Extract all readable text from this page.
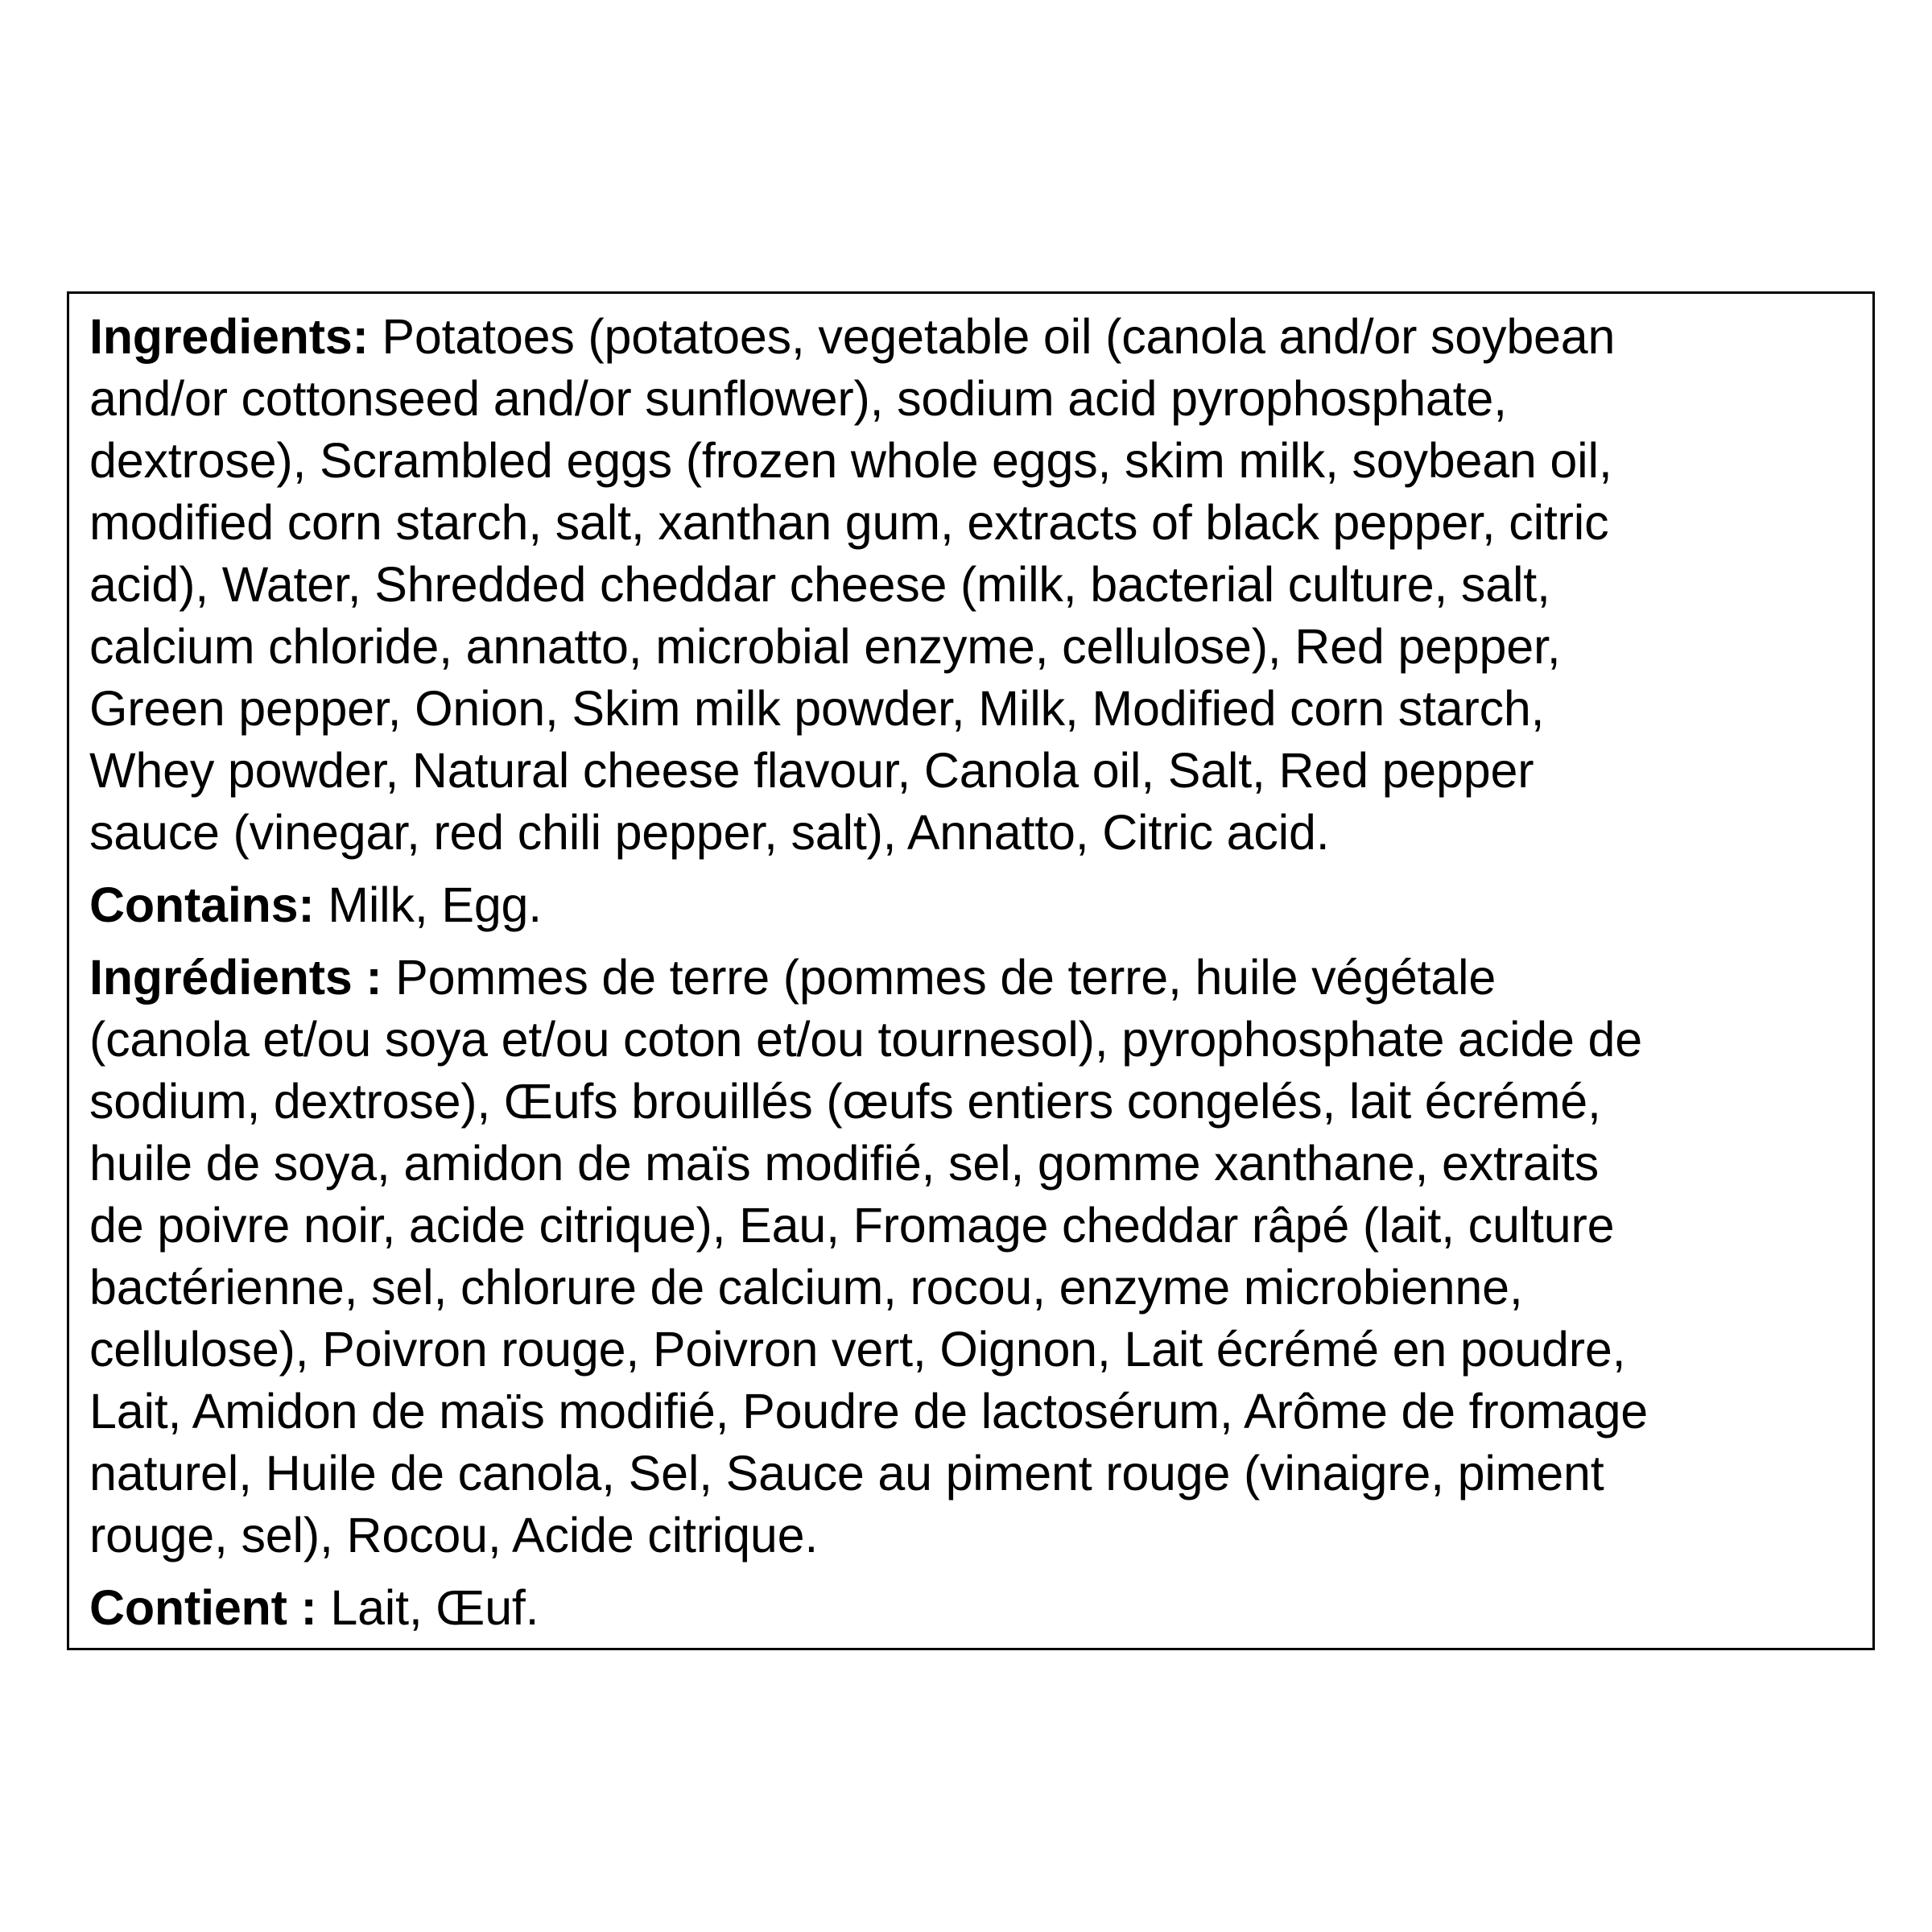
Ingredients: Potatoes (potatoes, vegetable oil (canola and/or soybean
and/or cottonseed and/or sunflower), sodium acid pyrophosphate,
dextrose), Scrambled eggs (frozen whole eggs, skim milk, soybean oil,
modified corn starch, salt, xanthan gum, extracts of black pepper, citric
acid), Water, Shredded cheddar cheese (milk, bacterial culture, salt,
calcium chloride, annatto, microbial enzyme, cellulose), Red pepper,
Green pepper, Onion, Skim milk powder, Milk, Modified corn starch,
Whey powder, Natural cheese flavour, Canola oil, Salt, Red pepper
sauce (vinegar, red chili pepper, salt), Annatto, Citric acid.

Contains: Milk, Egg.

Ingrédients : Pommes de terre (pommes de terre, huile végétale
(canola et/ou soya et/ou coton et/ou tournesol), pyrophosphate acide de
sodium, dextrose), Œufs brouillés (œufs entiers congelés, lait écrémé,
huile de soya, amidon de maïs modifié, sel, gomme xanthane, extraits
de poivre noir, acide citrique), Eau, Fromage cheddar râpé (lait, culture
bactérienne, sel, chlorure de calcium, rocou, enzyme microbienne,
cellulose), Poivron rouge, Poivron vert, Oignon, Lait écrémé en poudre,
Lait, Amidon de maïs modifié, Poudre de lactosérum, Arôme de fromage
naturel, Huile de canola, Sel, Sauce au piment rouge (vinaigre, piment
rouge, sel), Rocou, Acide citrique.

Contient : Lait, Œuf.
